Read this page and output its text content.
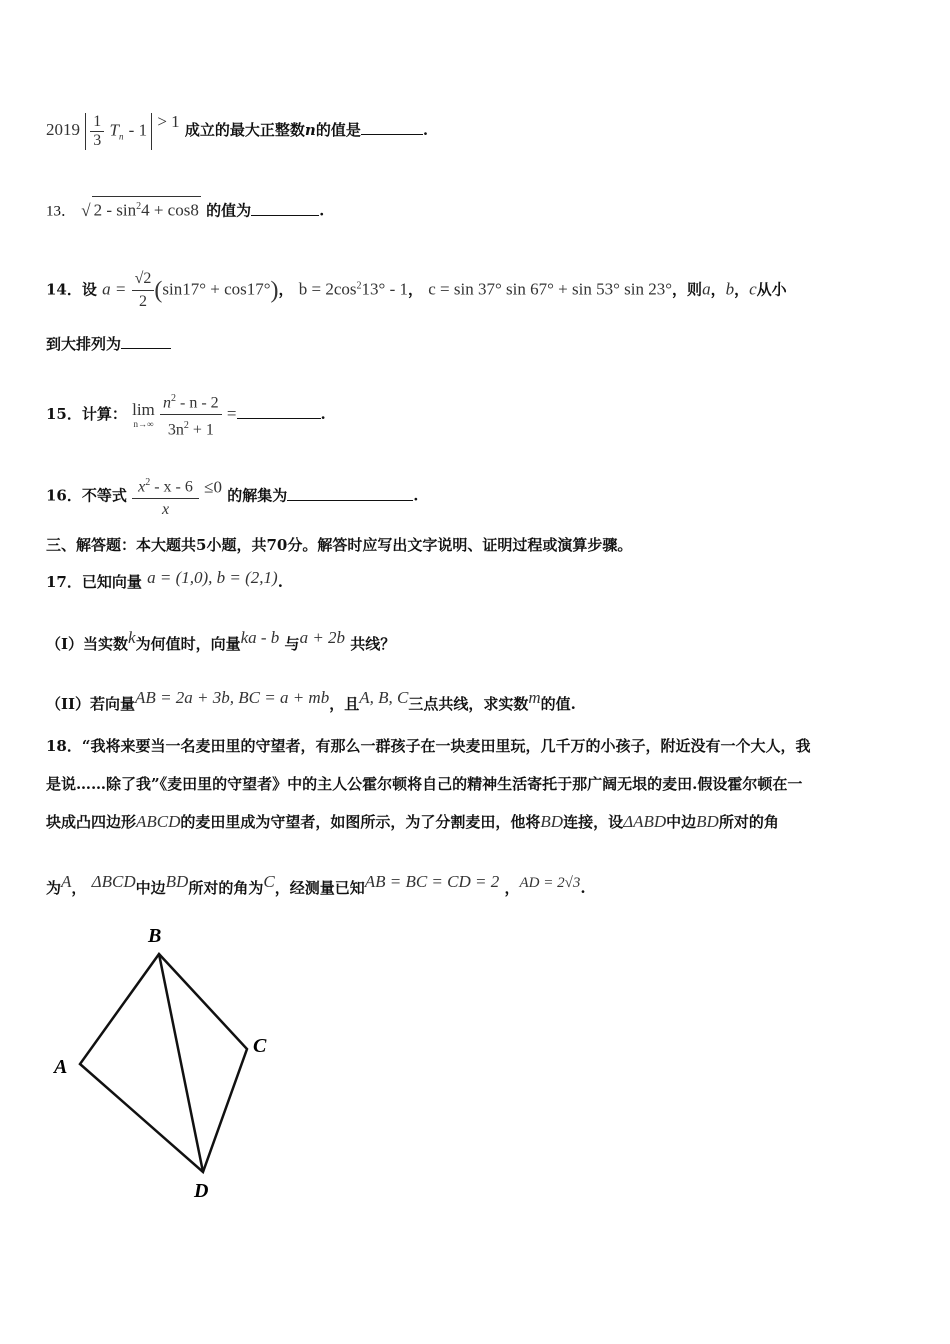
$2019 \frac{1}{3} T_n - 1 > 1$ 成立的最大正整数n的值是	.
13． √ $2 - \sin^24 + \cos 8$ 的值为	.
14．设 $a = \frac{√2}{2} (\sin 17^\circ + \cos 17^\circ)$， $b = 2\cos^213^\circ - 1$， c = sin 37° sin 67° + sin 53° sin 23°，则a，b，c从小
到大排列为
15．计算： lim
n→∞
$\frac{n^2 - n - 2}{3n^2 + 1}$ =	.
16．不等式 $\frac{x^2 - x - 6}{x} \le 0$ 的解集为	.
三、解答题：本大题共5小题，共70分。解答时应写出文字说明、证明过程或演算步骤。
17．已知向量 a = (1,0), b = (2,1).
（I）当实数k为何值时，向量ka - b 与a + 2b 共线？
（II）若向量AB = 2a + 3b, BC = a + mb，且A, B, C三点共线，求实数m的值.
18．“我将来要当一名麦田里的守望者，有那么一群孩子在一块麦田里玩，几千万的小孩子，附近没有一个大人，我
是说……除了我”《麦田里的守望者》中的主人公霍尔顿将自己的精神生活寄托于那广阔无垠的麦田.假设霍尔顿在一
块成凸四边形ABCD的麦田里成为守望者，如图所示，为了分割麦田，他将BD连接，设ΔABD中边BD所对的角
为A， ΔBCD中边BD所对的角为C，经测量已知AB = BC = CD = 2 ，AD = 2√3.
A
B
C
D
